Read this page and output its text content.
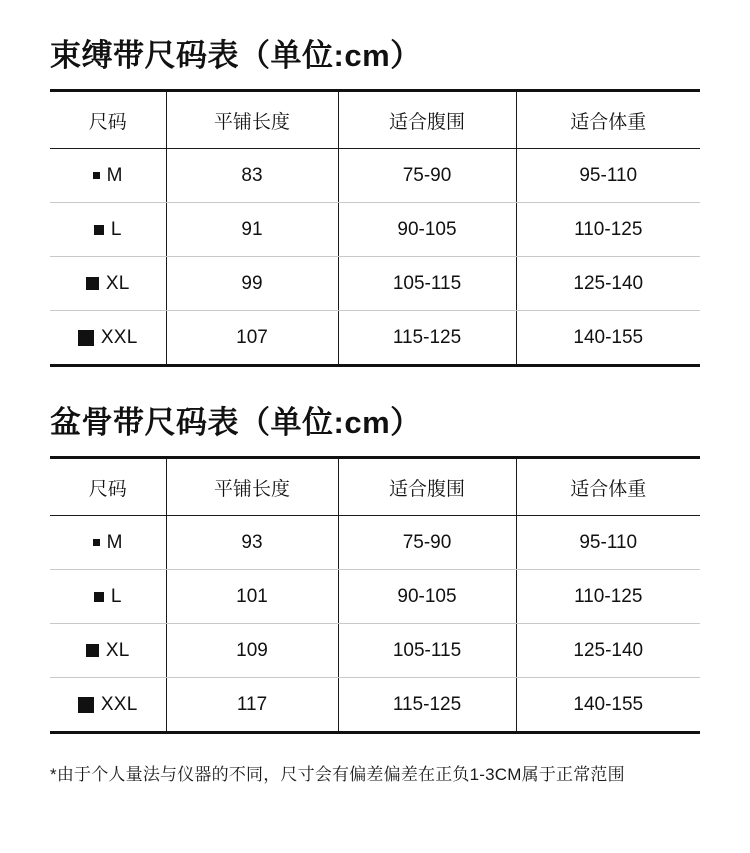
束缚带尺码表（单位:cm）
尺码	平铺长度	适合腹围	适合体重

M	83	75-90	95-110

L	91	90-105	110-125

XL	99	105-115	125-140

XXL	107	115-125	140-155
盆骨带尺码表（单位:cm）
尺码	平铺长度	适合腹围	适合体重

M	93	75-90	95-110

L	101	90-105	110-125

XL	109	105-115	125-140

XXL	117	115-125	140-155
*由于个人量法与仪器的不同，尺寸会有偏差偏差在正负1-3CM属于正常范围
